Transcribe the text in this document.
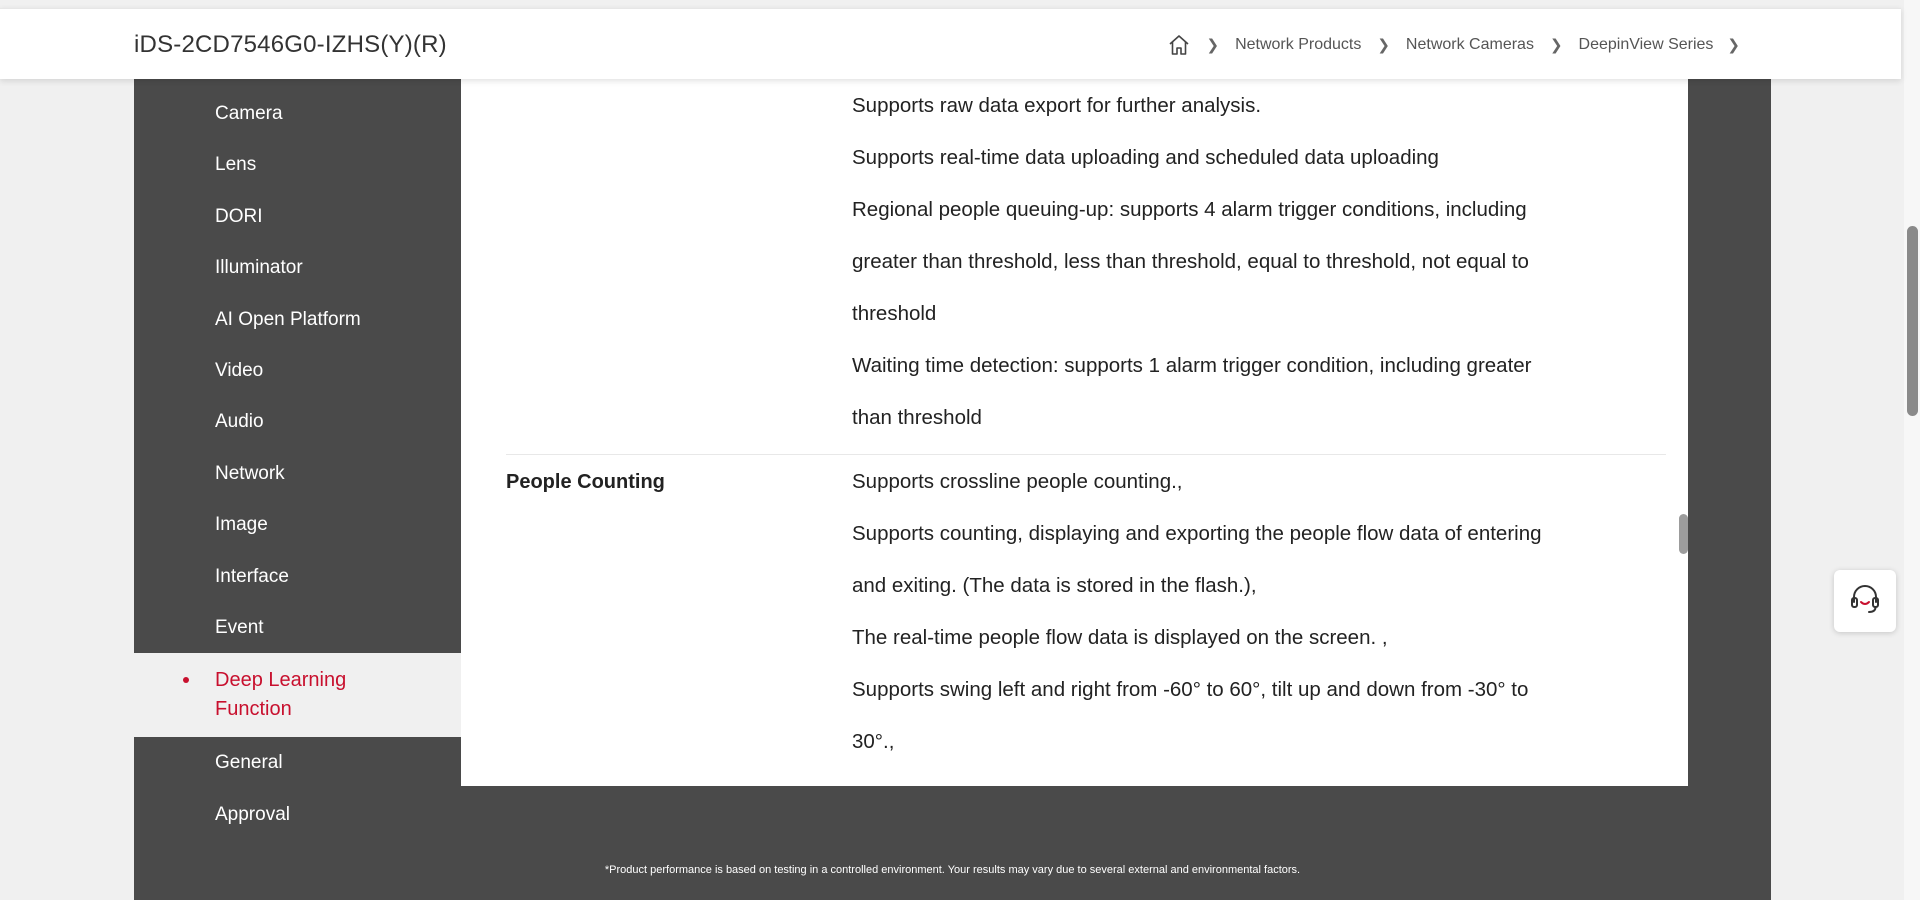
iDS-2CD7546G0-IZHS(Y)(R)	❯ Network Products ❯ Network Cameras ❯ DeepinView Series ❯
Camera
Lens
DORI
Illuminator
AI Open Platform
Video
Audio
Network
Image
Interface
Event
Deep Learning
Function
General
Approval
Supports raw data export for further analysis.
Supports real-time data uploading and scheduled data uploading
Regional people queuing-up: supports 4 alarm trigger conditions, including
greater than threshold, less than threshold, equal to threshold, not equal to
threshold
Waiting time detection: supports 1 alarm trigger condition, including greater
than threshold
People Counting	Supports crossline people counting.,
Supports counting, displaying and exporting the people flow data of entering
and exiting. (The data is stored in the flash.),
The real-time people flow data is displayed on the screen. ,
Supports swing left and right from -60° to 60°, tilt up and down from -30° to
30°.,
*Product performance is based on testing in a controlled environment. Your results may vary due to several external and environmental factors.
